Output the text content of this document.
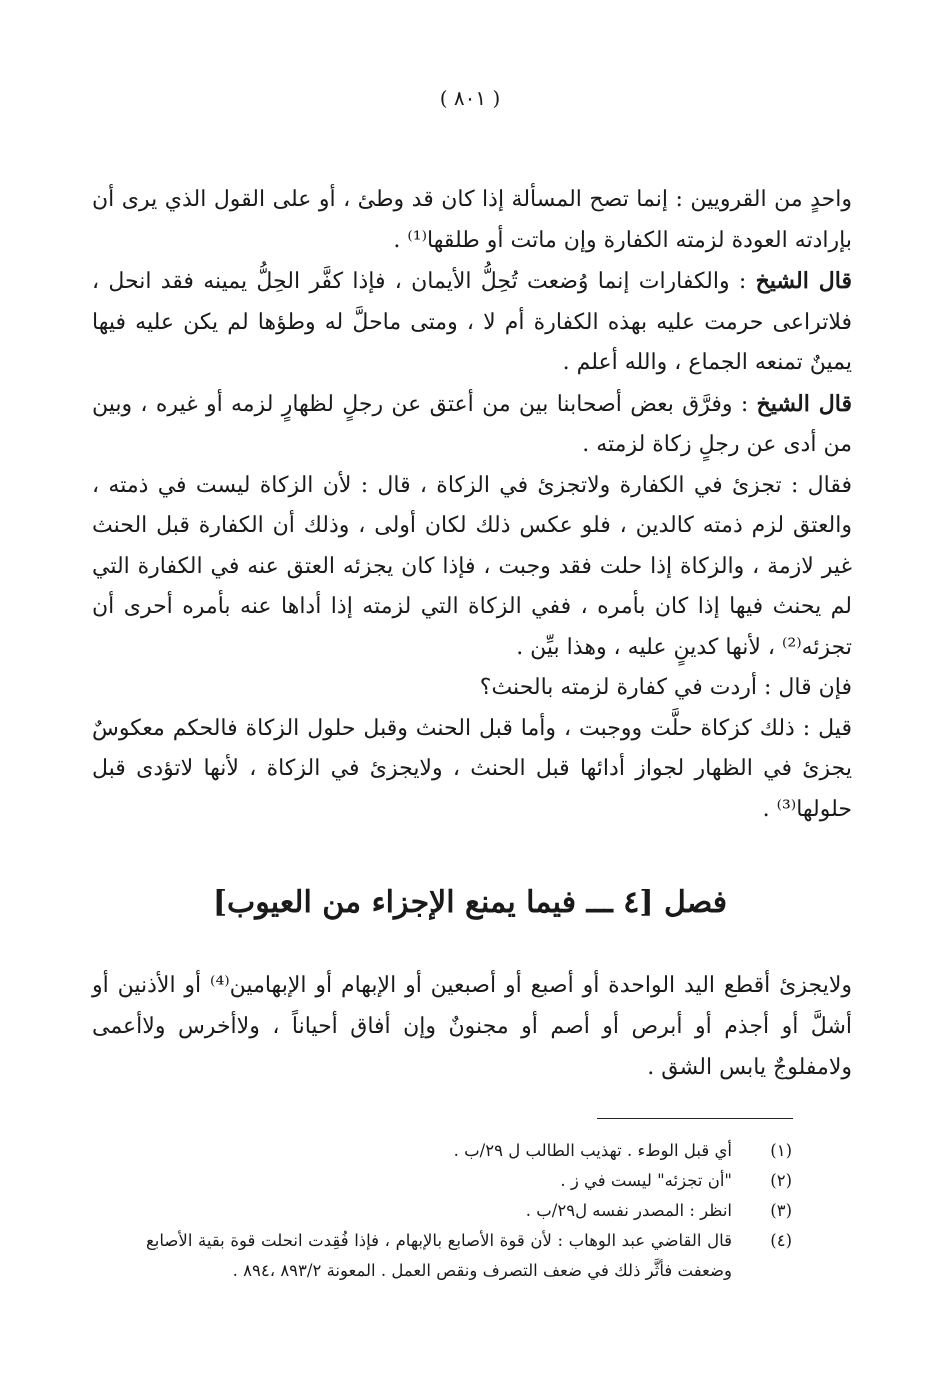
( ٨٠١ )

واحدٍ من القرويين : إنما تصح المسألة إذا كان قد وطئ ، أو على القول الذي يرى أن بإرادته العودة لزمته الكفارة وإن ماتت أو طلقها⁽¹⁾ .

قال الشيخ : والكفارات إنما وُضعت تُحِلُّ الأيمان ، فإذا كفَّر الحِلُّ يمينه فقد انحل ، فلاتراعى حرمت عليه بهذه الكفارة أم لا ، ومتى ماحلَّ له وطؤها لم يكن عليه فيها يمينٌ تمنعه الجماع ، والله أعلم .

قال الشيخ : وفرَّق بعض أصحابنا بين من أعتق عن رجلٍ لظهارٍ لزمه أو غيره ، وبين من أدى عن رجلٍ زكاة لزمته .

فقال : تجزئ في الكفارة ولاتجزئ في الزكاة ، قال : لأن الزكاة ليست في ذمته ، والعتق لزم ذمته كالدين ، فلو عكس ذلك لكان أولى ، وذلك أن الكفارة قبل الحنث غير لازمة ، والزكاة إذا حلت فقد وجبت ، فإذا كان يجزئه العتق عنه في الكفارة التي لم يحنث فيها إذا كان بأمره ، ففي الزكاة التي لزمته إذا أداها عنه بأمره أحرى أن تجزئه⁽²⁾ ، لأنها كدينٍ عليه ، وهذا بيِّن .

فإن قال : أردت في كفارة لزمته بالحنث؟

قيل : ذلك كزكاة حلَّت ووجبت ، وأما قبل الحنث وقبل حلول الزكاة فالحكم معكوسٌ يجزئ في الظهار لجواز أدائها قبل الحنث ، ولايجزئ في الزكاة ، لأنها لاتؤدى قبل حلولها⁽³⁾ .

فصل [٤ ـــ فيما يمنع الإجزاء من العيوب]

ولايجزئ أقطع اليد الواحدة أو أصبع أو أصبعين أو الإبهام أو الإبهامين⁽⁴⁾ أو الأذنين أو أشلَّ أو أجذم أو أبرص أو أصم أو مجنونٌ وإن أفاق أحياناً ، ولاأخرس ولاأعمى ولامفلوجٌ يابس الشق .

(١)
أي قبل الوطء . تهذيب الطالب ل ٢٩/ب .
(٢)
"أن تجزئه" ليست في ز .
(٣)
انظر : المصدر نفسه ل٢٩/ب .
(٤)
قال القاضي عبد الوهاب : لأن قوة الأصابع بالإبهام ، فإذا فُقِدت انحلت قوة بقية الأصابع وضعفت فأثَّر ذلك في ضعف التصرف ونقص العمل . المعونة ٨٩٣/٢ ،٨٩٤ .
